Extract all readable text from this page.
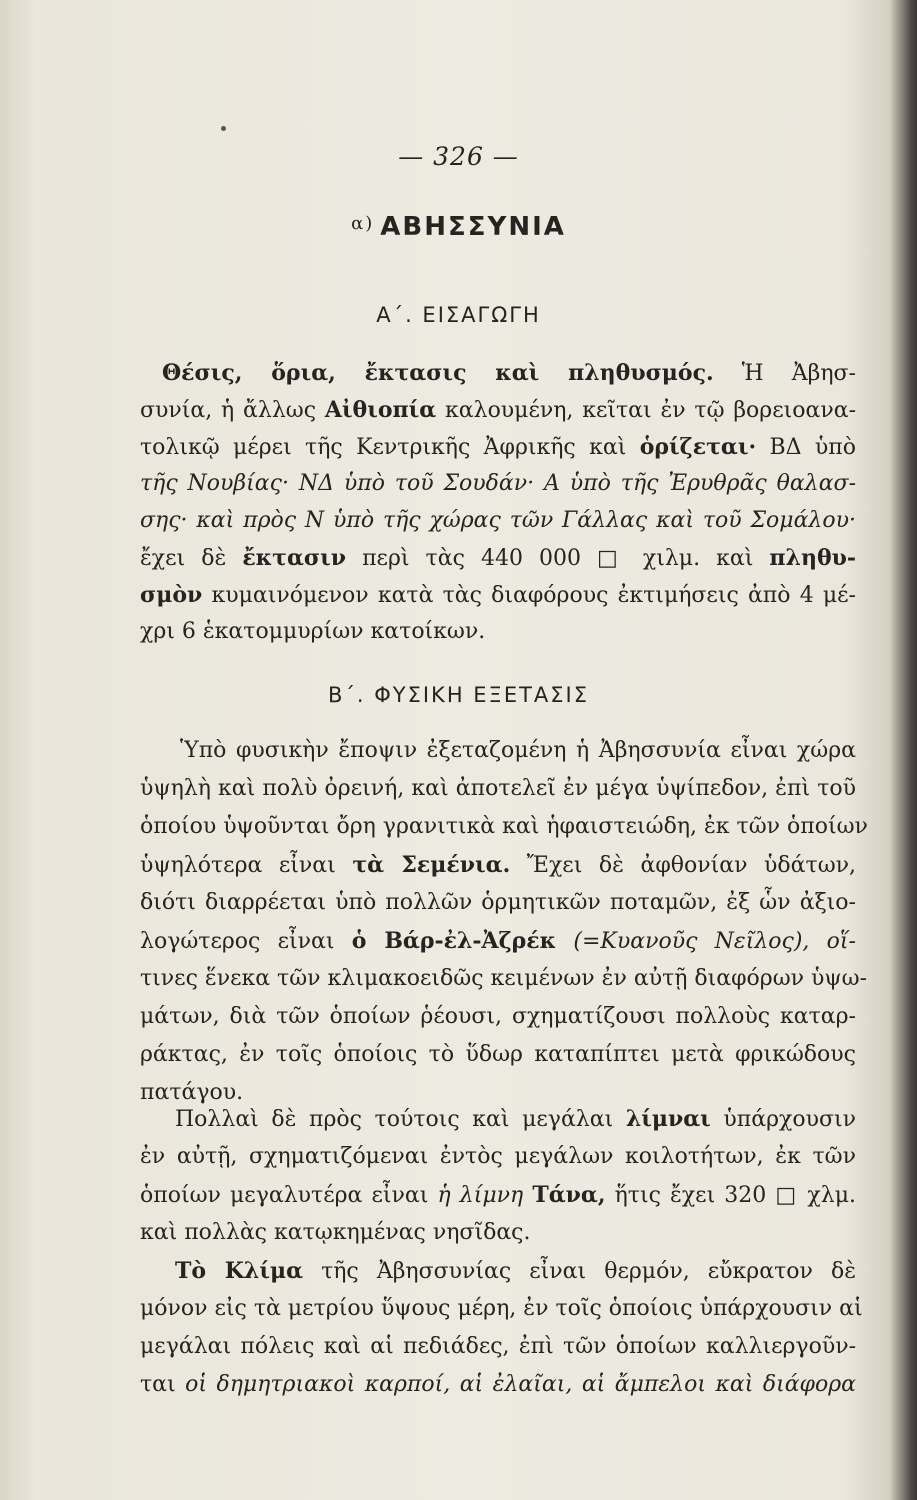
— 326 —
$^{\alpha)}$ ΑΒΗΣΣΥΝΙΑ
Α΄. ΕΙΣΑΓΩΓΗ
Θέσις, ὅρια, ἔκτασις καὶ πληθυσμός. Ἡ Ἀβησ-
συνία, ἡ ἄλλως Αἰθιοπία καλουμένη, κεῖται ἐν τῷ βορειοανα-
τολικῷ μέρει τῆς Κεντρικῆς Ἀφρικῆς καὶ ὁρίζεται· ΒΔ ὑπὸ
τῆς Νουβίας· ΝΔ ὑπὸ τοῦ Σουδάν· Α ὑπὸ τῆς Ἐρυθρᾶς θαλασ-
σης· καὶ πρὸς Ν ὑπὸ τῆς χώρας τῶν Γάλλας καὶ τοῦ Σομάλου·
ἔχει δὲ ἔκτασιν περὶ τὰς 440 000 □ χιλμ. καὶ πληθυ-
σμὸν κυμαινόμενον κατὰ τὰς διαφόρους ἐκτιμήσεις ἀπὸ 4 μέ-
χρι 6 ἑκατομμυρίων κατοίκων.
Β΄. ΦΥΣΙΚΗ ΕΞΕΤΑΣΙΣ
Ὑπὸ φυσικὴν ἔποψιν ἐξεταζομένη ἡ Ἀβησσυνία εἶναι χώρα
ὑψηλὴ καὶ πολὺ ὀρεινή, καὶ ἀποτελεῖ ἐν μέγα ὑψίπεδον, ἐπὶ τοῦ
ὁποίου ὑψοῦνται ὄρη γρανιτικὰ καὶ ἡφαιστειώδη, ἐκ τῶν ὁποίων
ὑψηλότερα εἶναι τὰ Σεμένια. Ἔχει δὲ ἀφθονίαν ὑδάτων,
διότι διαρρέεται ὑπὸ πολλῶν ὁρμητικῶν ποταμῶν, ἐξ ὧν ἀξιο-
λογώτερος εἶναι ὁ Βάρ-ἐλ-Ἀζρέκ (=Κυανοῦς Νεῖλος), οἵ-
τινες ἕνεκα τῶν κλιμακοειδῶς κειμένων ἐν αὐτῇ διαφόρων ὑψω-
μάτων, διὰ τῶν ὁποίων ῥέουσι, σχηματίζουσι πολλοὺς καταρ-
ράκτας, ἐν τοῖς ὁποίοις τὸ ὕδωρ καταπίπτει μετὰ φρικώδους
πατάγου.
Πολλαὶ δὲ πρὸς τούτοις καὶ μεγάλαι λίμναι ὑπάρχουσιν
ἐν αὐτῇ, σχηματιζόμεναι ἐντὸς μεγάλων κοιλοτήτων, ἐκ τῶν
ὁποίων μεγαλυτέρα εἶναι ἡ λίμνη Τάνα, ἥτις ἔχει 320 □ χλμ.
καὶ πολλὰς κατῳκημένας νησῖδας.
Τὸ Κλίμα τῆς Ἀβησσυνίας εἶναι θερμόν, εὔκρατον δὲ
μόνον εἰς τὰ μετρίου ὕψους μέρη, ἐν τοῖς ὁποίοις ὑπάρχουσιν αἱ
μεγάλαι πόλεις καὶ αἱ πεδιάδες, ἐπὶ τῶν ὁποίων καλλιεργοῦν-
ται οἱ δημητριακοὶ καρποί, αἱ ἐλαῖαι, αἱ ἄμπελοι καὶ διάφορα
